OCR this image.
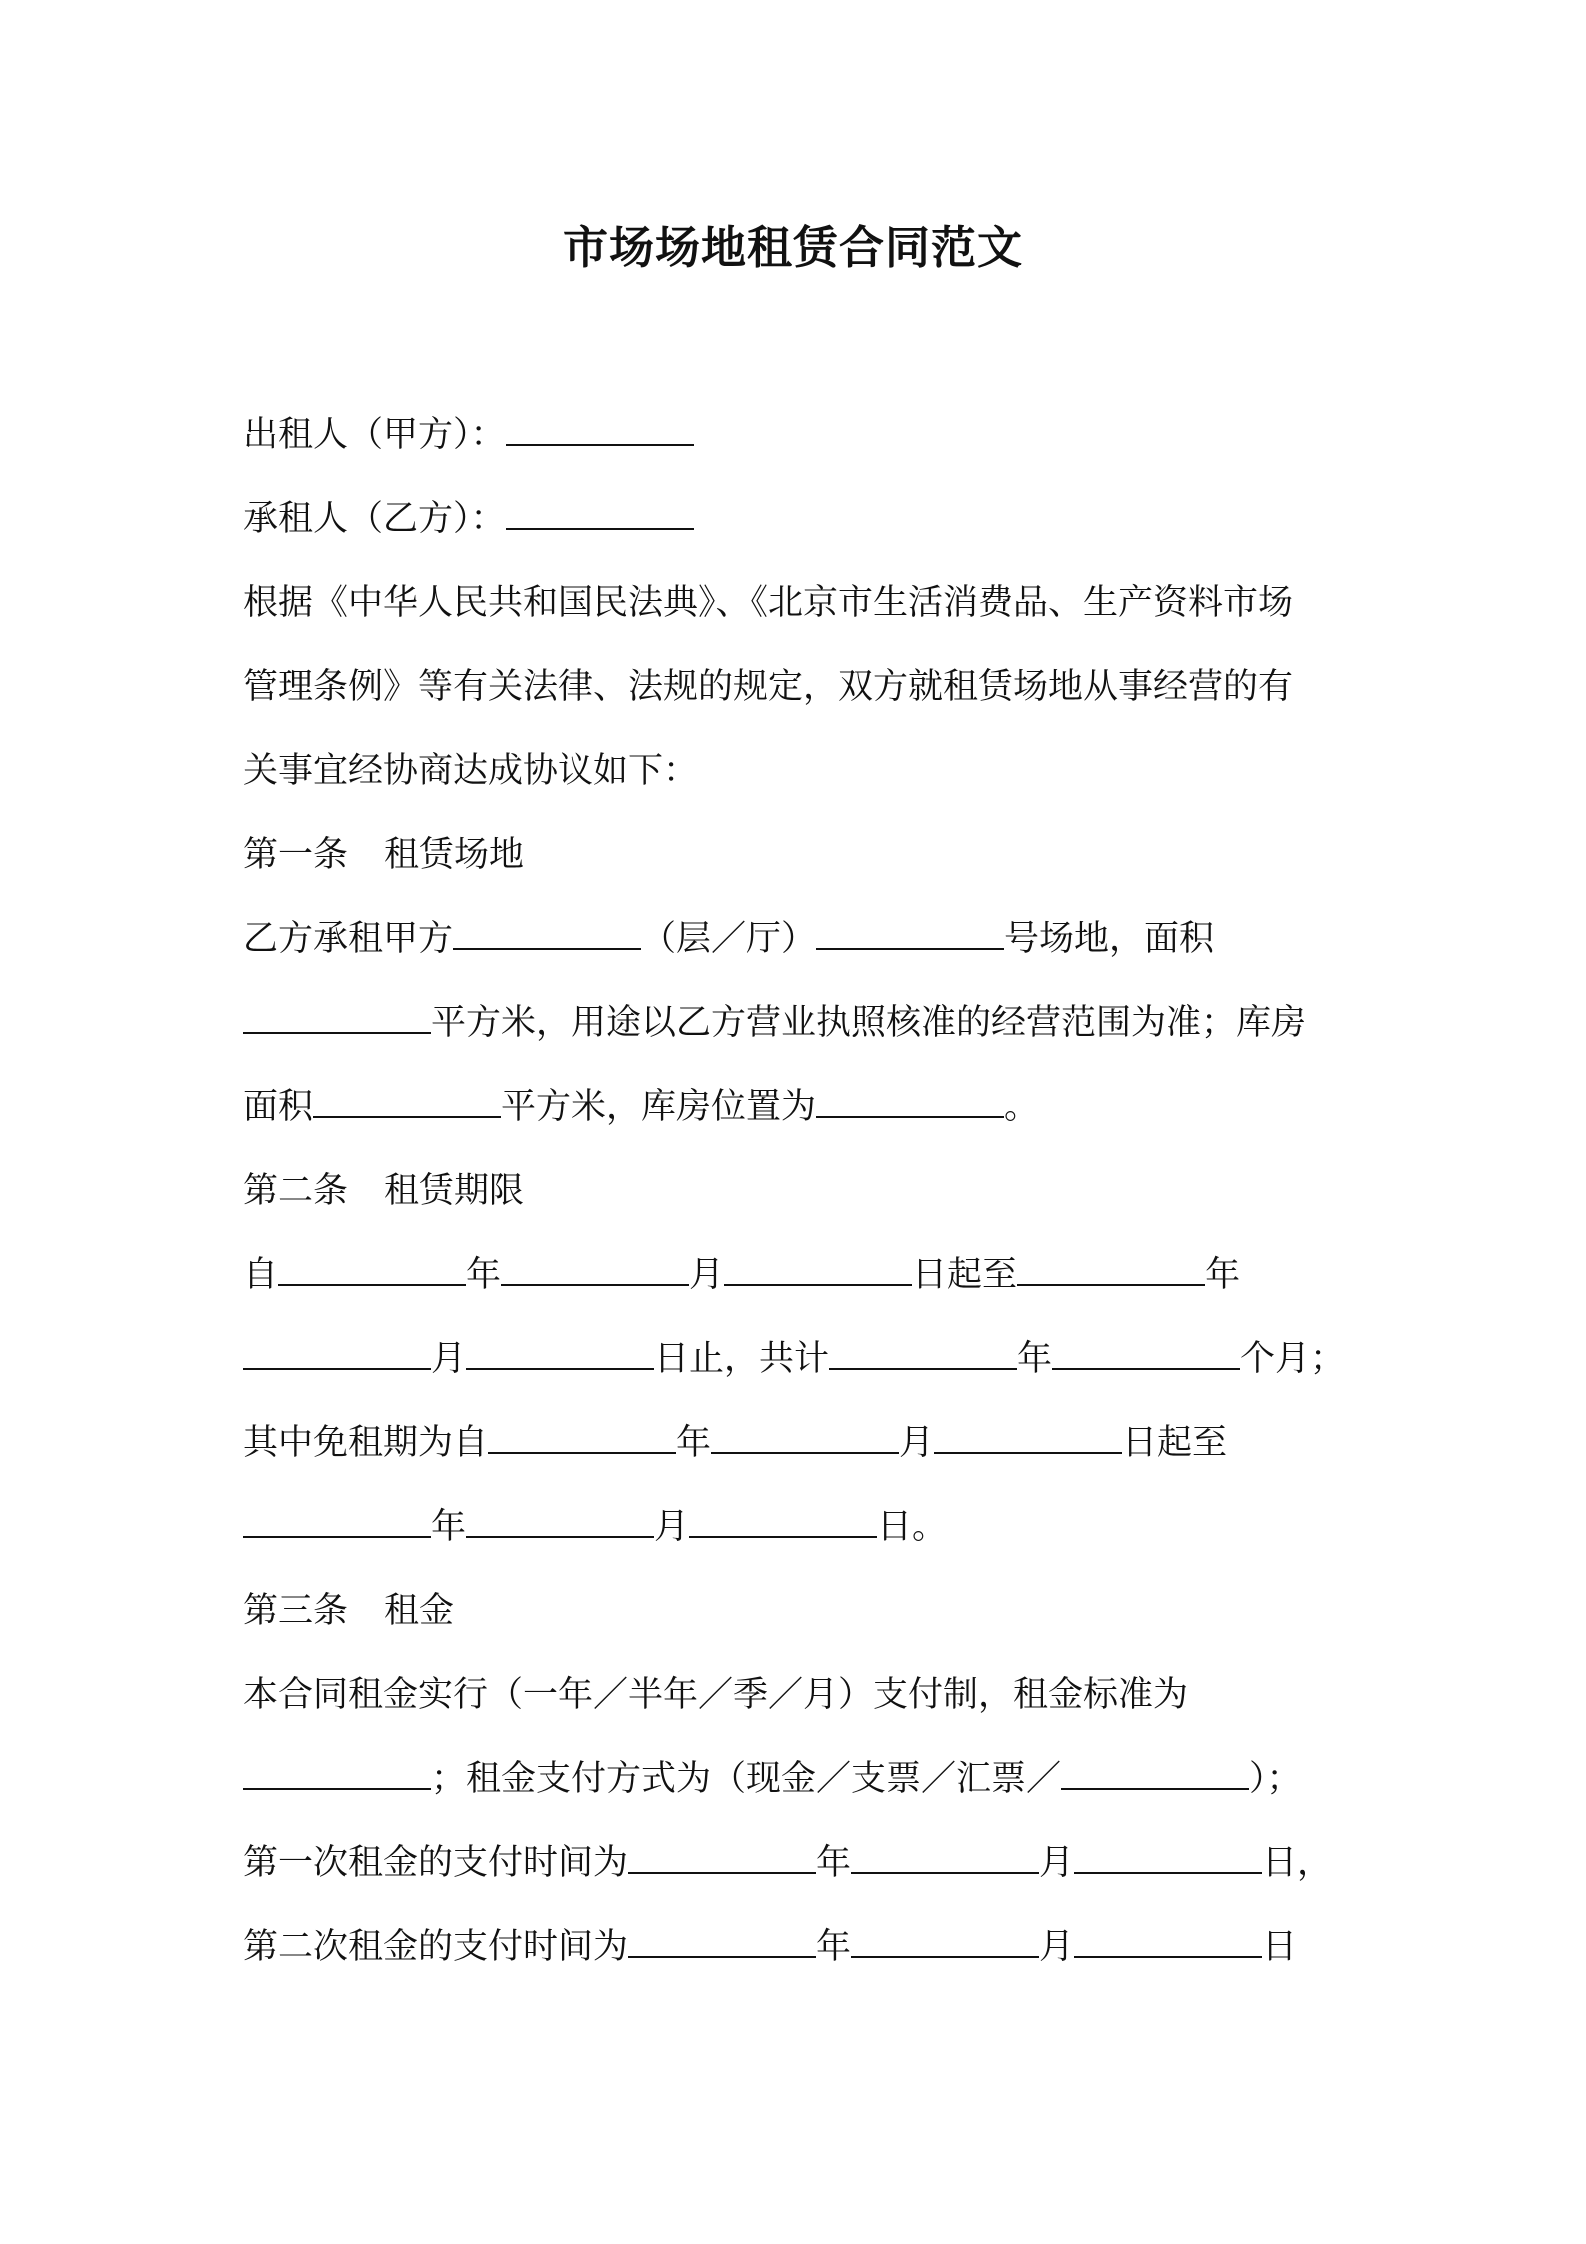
市场场地租赁合同范文
出租人（甲方）：
承租人（乙方）：
根据《中华人民共和国民法典》、《北京市生活消费品、生产资料市场
管理条例》等有关法律、法规的规定，双方就租赁场地从事经营的有
关事宜经协商达成协议如下：
第一条 租赁场地
乙方承租甲方	（层／厅）	号场地，面积
平方米，用途以乙方营业执照核准的经营范围为准；库房
面积	平方米，库房位置为	。
第二条 租赁期限
自	年	月	日起至	年
月	日止，共计	年	个月；
其中免租期为自	年	月	日起至
年	月	日。
第三条 租金
本合同租金实行（一年／半年／季／月）支付制，租金标准为
；租金支付方式为（现金／支票／汇票／	）；
第一次租金的支付时间为	年	月	日，
第二次租金的支付时间为	年	月	日
